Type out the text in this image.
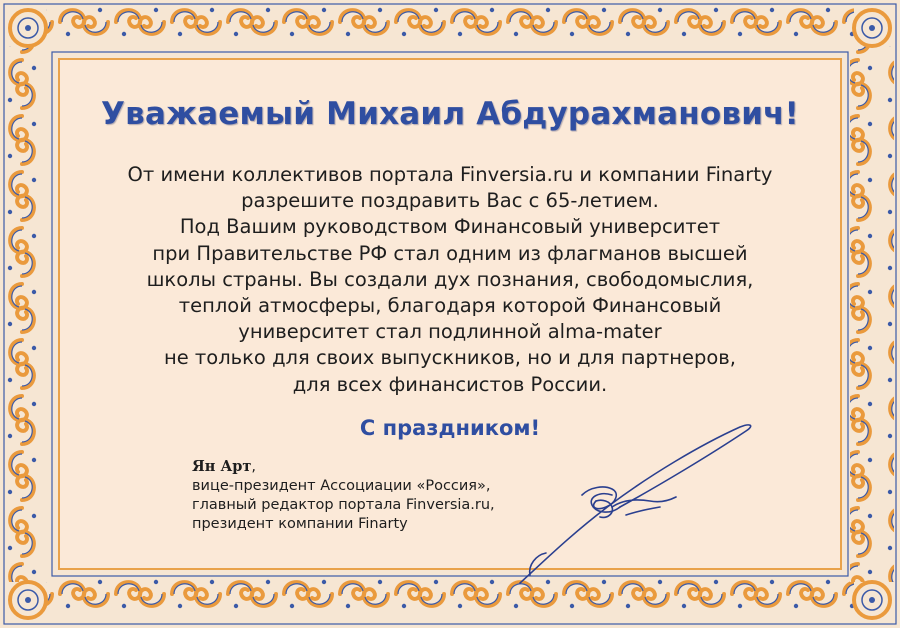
Уважаемый Михаил Абдурахманович!
От имени коллективов портала Finversia.ru и компании Finarty
разрешите поздравить Вас с 65-летием.
Под Вашим руководством Финансовый университет
при Правительстве РФ стал одним из флагманов высшей
школы страны. Вы создали дух познания, свободомыслия,
теплой атмосферы, благодаря которой Финансовый
университет стал подлинной alma-mater
не только для своих выпускников, но и для партнеров,
для всех финансистов России.
С праздником!
Ян Арт,
вице-президент Ассоциации «Россия»,
главный редактор портала Finversia.ru,
президент компании Finarty
